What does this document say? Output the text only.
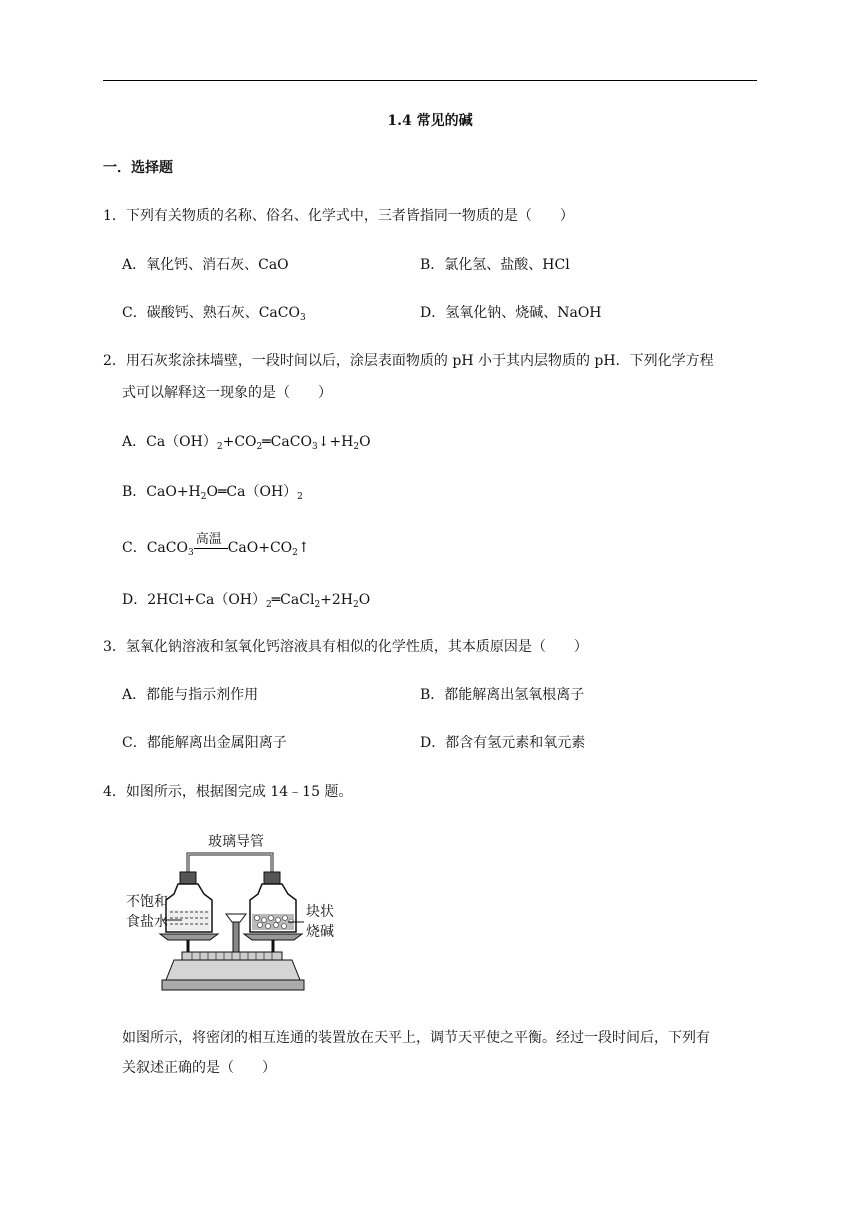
1.4 常见的碱
一．选择题
1．下列有关物质的名称、俗名、化学式中，三者皆指同一物质的是（　　）
A．氧化钙、消石灰、CaO	B．氯化氢、盐酸、HCl
C．碳酸钙、熟石灰、CaCO$_3$	D．氢氧化钠、烧碱、NaOH
2．用石灰浆涂抹墙壁，一段时间以后，涂层表面物质的 pH 小于其内层物质的 pH．下列化学方程
式可以解释这一现象的是（　　）
A．$Ca(OH)_2+CO_2═CaCO_3↓+H_2O$
B．$CaO+H_2O═Ca(OH)_2$
C．CaCO$_3$
高温
$CaO+CO_2↑$
D．$2HCl+Ca(OH)_2═CaCl_2+2H_2O$
3．氢氧化钠溶液和氢氧化钙溶液具有相似的化学性质，其本质原因是（　　）
A．都能与指示剂作用	B．都能解离出氢氧根离子
C．都能解离出金属阳离子	D．都含有氢元素和氧元素
4．如图所示，根据图完成 14﹣15 题。
玻璃导管
不饱和
食盐水
块状
烧碱
如图所示，将密闭的相互连通的装置放在天平上，调节天平使之平衡。经过一段时间后，下列有
关叙述正确的是（　　）
